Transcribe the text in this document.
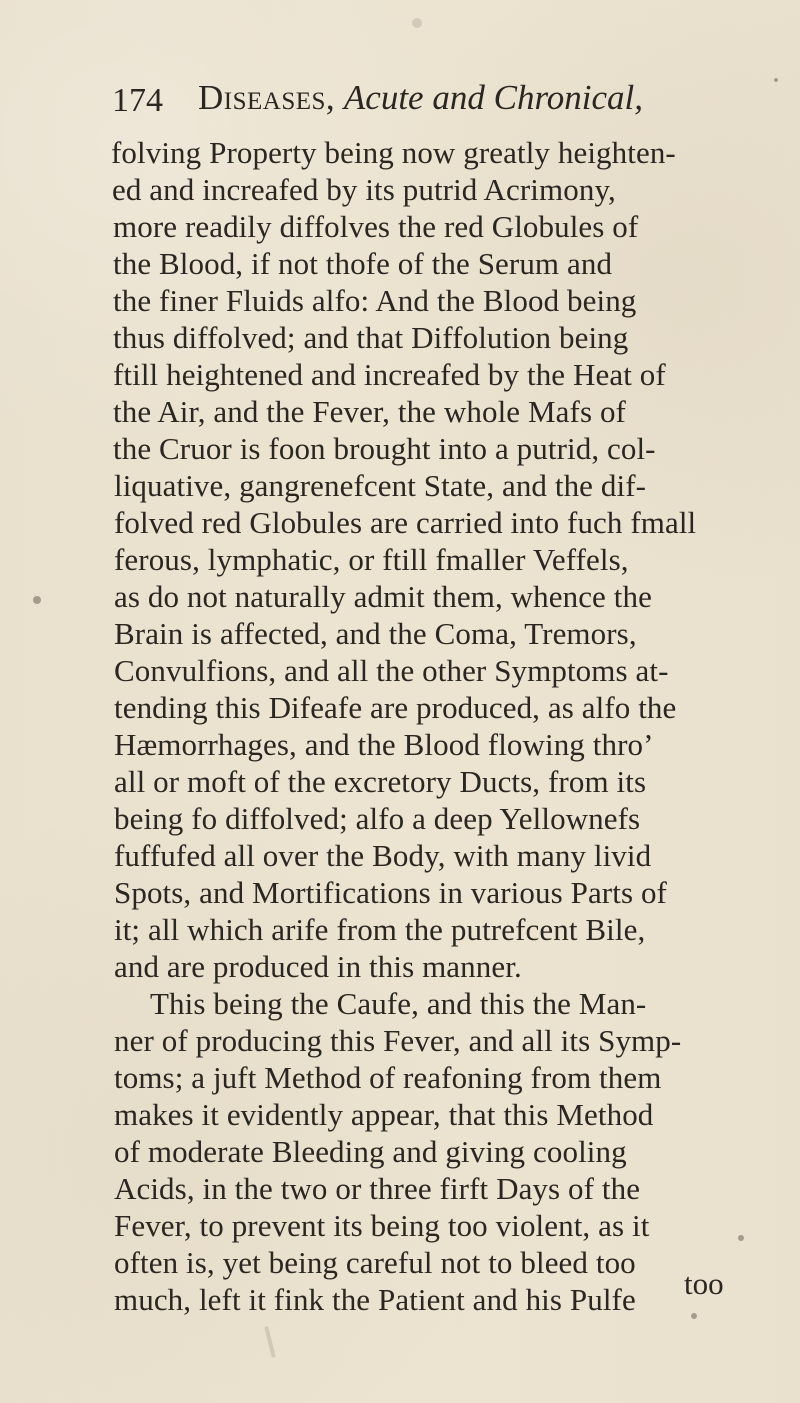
174 Diseases, Acute and Chronical,
folving Property being now greatly heighten-
ed and increafed by its putrid Acrimony,
more readily diffolves the red Globules of
the Blood, if not thofe of the Serum and
the finer Fluids alfo: And the Blood being
thus diffolved; and that Diffolution being
ftill heightened and increafed by the Heat of
the Air, and the Fever, the whole Mafs of
the Cruor is foon brought into a putrid, col-
liquative, gangrenefcent State, and the dif-
folved red Globules are carried into fuch fmall
ferous, lymphatic, or ftill fmaller Veffels,
as do not naturally admit them, whence the
Brain is affected, and the Coma, Tremors,
Convulfions, and all the other Symptoms at-
tending this Difeafe are produced, as alfo the
Hæmorrhages, and the Blood flowing thro’
all or moft of the excretory Ducts, from its
being fo diffolved; alfo a deep Yellownefs
fuffufed all over the Body, with many livid
Spots, and Mortifications in various Parts of
it; all which arife from the putrefcent Bile,
and are produced in this manner.
This being the Caufe, and this the Man-
ner of producing this Fever, and all its Symp-
toms; a juft Method of reafoning from them
makes it evidently appear, that this Method
of moderate Bleeding and giving cooling
Acids, in the two or three firft Days of the
Fever, to prevent its being too violent, as it
often is, yet being careful not to bleed too
much, left it fink the Patient and his Pulfe too
